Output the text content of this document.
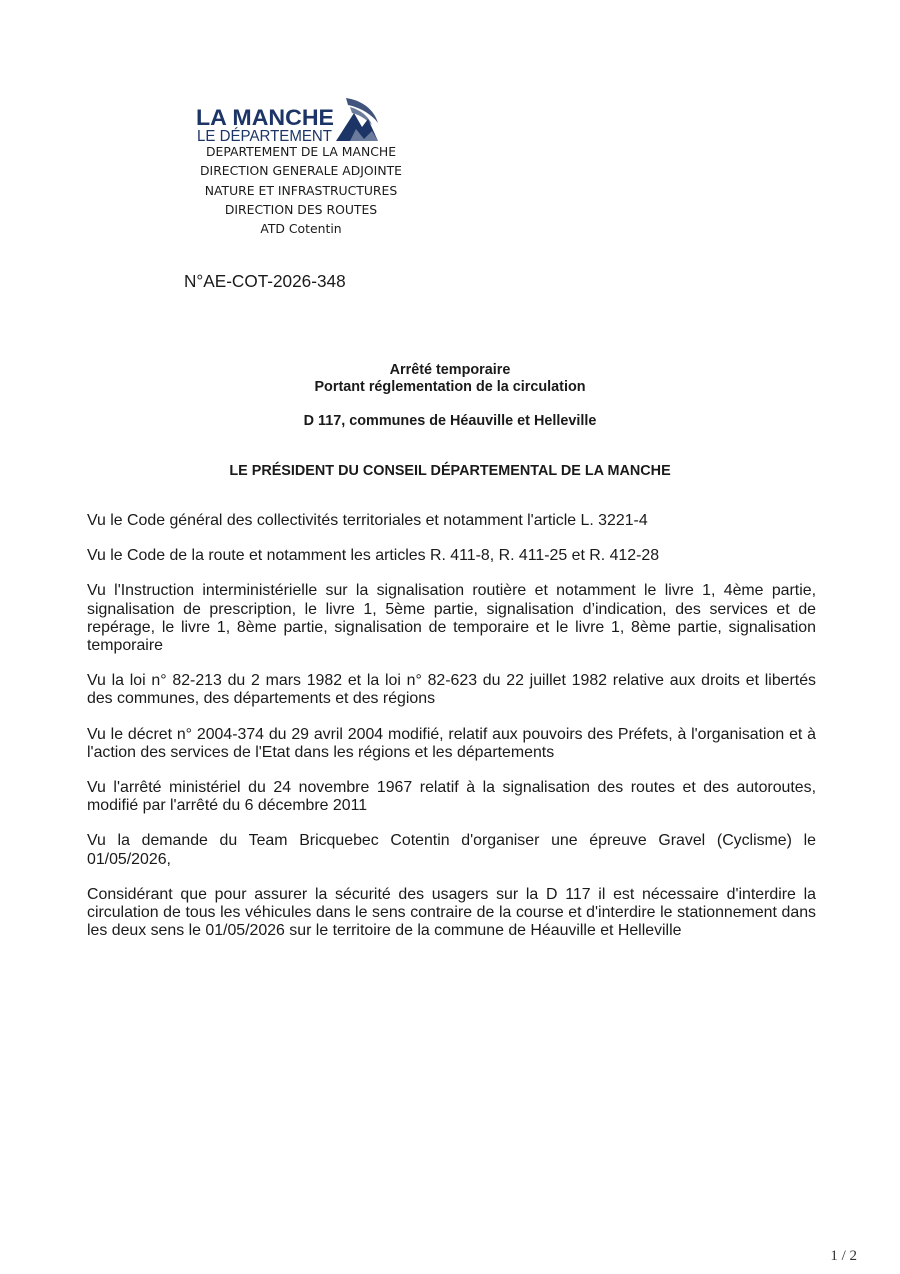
LA MANCHE
LE DÉPARTEMENT
DEPARTEMENT DE LA MANCHE
DIRECTION GENERALE ADJOINTE
NATURE ET INFRASTRUCTURES
DIRECTION DES ROUTES
ATD Cotentin
N°AE-COT-2026-348
Arrêté temporaire
Portant réglementation de la circulation
D 117, communes de Héauville et Helleville
LE PRÉSIDENT DU CONSEIL DÉPARTEMENTAL DE LA MANCHE

Vu le Code général des collectivités territoriales et notamment l'article L. 3221-4

Vu le Code de la route et notamment les articles R. 411-8, R. 411-25 et R. 412-28

Vu l'Instruction interministérielle sur la signalisation routière et notamment le livre 1, 4ème partie, signalisation de prescription, le livre 1, 5ème partie, signalisation d’indication, des services et de repérage, le livre 1, 8ème partie, signalisation de temporaire et le livre 1, 8ème partie, signalisation temporaire

Vu la loi n° 82-213 du 2 mars 1982 et la loi n° 82-623 du 22 juillet 1982 relative aux droits et libertés des communes, des départements et des régions

Vu le décret n° 2004-374 du 29 avril 2004 modifié, relatif aux pouvoirs des Préfets, à l'organisation et à l'action des services de l'Etat dans les régions et les départements

Vu l'arrêté ministériel du 24 novembre 1967 relatif à la signalisation des routes et des autoroutes, modifié par l'arrêté du 6 décembre 2011

Vu la demande du Team Bricquebec Cotentin d'organiser une épreuve Gravel (Cyclisme) le 01/05/2026,

Considérant que pour assurer la sécurité des usagers sur la D 117 il est nécessaire d'interdire la circulation de tous les véhicules dans le sens contraire de la course et d'interdire le stationnement dans les deux sens le 01/05/2026 sur le territoire de la commune de Héauville et Helleville

1 / 2
